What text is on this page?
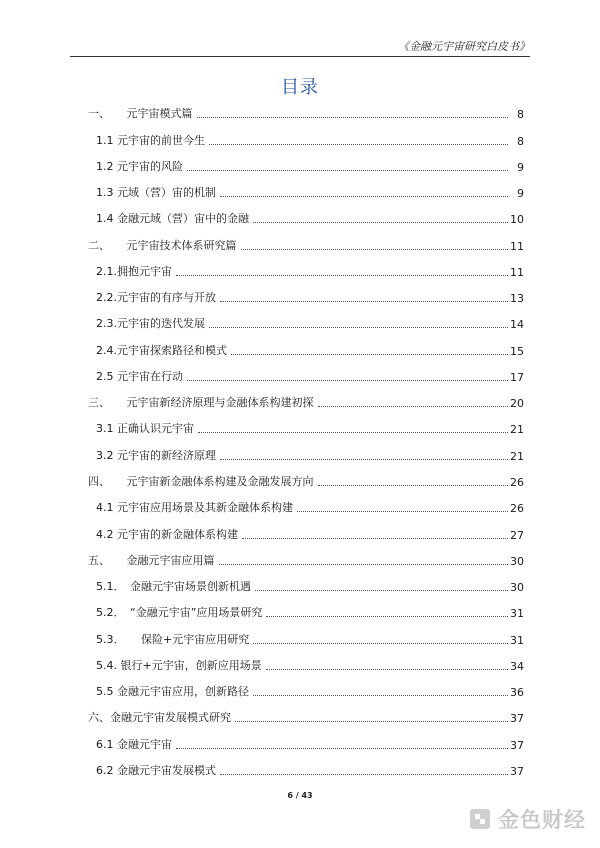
《金融元宇宙研究白皮书》
目录
一、　　元宇宙模式篇	8
1.1 元宇宙的前世今生	8
1.2 元宇宙的风险	9
1.3 元域（营）宙的机制	9
1.4 金融元域（营）宙中的金融	10
二、　　元宇宙技术体系研究篇	11
2.1.拥抱元宇宙	11
2.2.元宇宙的有序与开放	13
2.3.元宇宙的迭代发展	14
2.4.元宇宙探索路径和模式	15
2.5 元宇宙在行动	17
三、　　元宇宙新经济原理与金融体系构建初探	20
3.1 正确认识元宇宙	21
3.2 元宇宙的新经济原理	21
四、　　元宇宙新金融体系构建及金融发展方向	26
4.1 元宇宙应用场景及其新金融体系构建	26
4.2 元宇宙的新金融体系构建	27
五、　　金融元宇宙应用篇	30
5.1．　金融元宇宙场景创新机遇	30
5.2．　“金融元宇宙”应用场景研究	31
5.3．　　保险+元宇宙应用研究	31
5.4. 银行+元宇宙，创新应用场景	34
5.5 金融元宇宙应用，创新路径	36
六、金融元宇宙发展模式研究	37
6.1 金融元宇宙	37
6.2 金融元宇宙发展模式	37
6 / 43
金色财经
